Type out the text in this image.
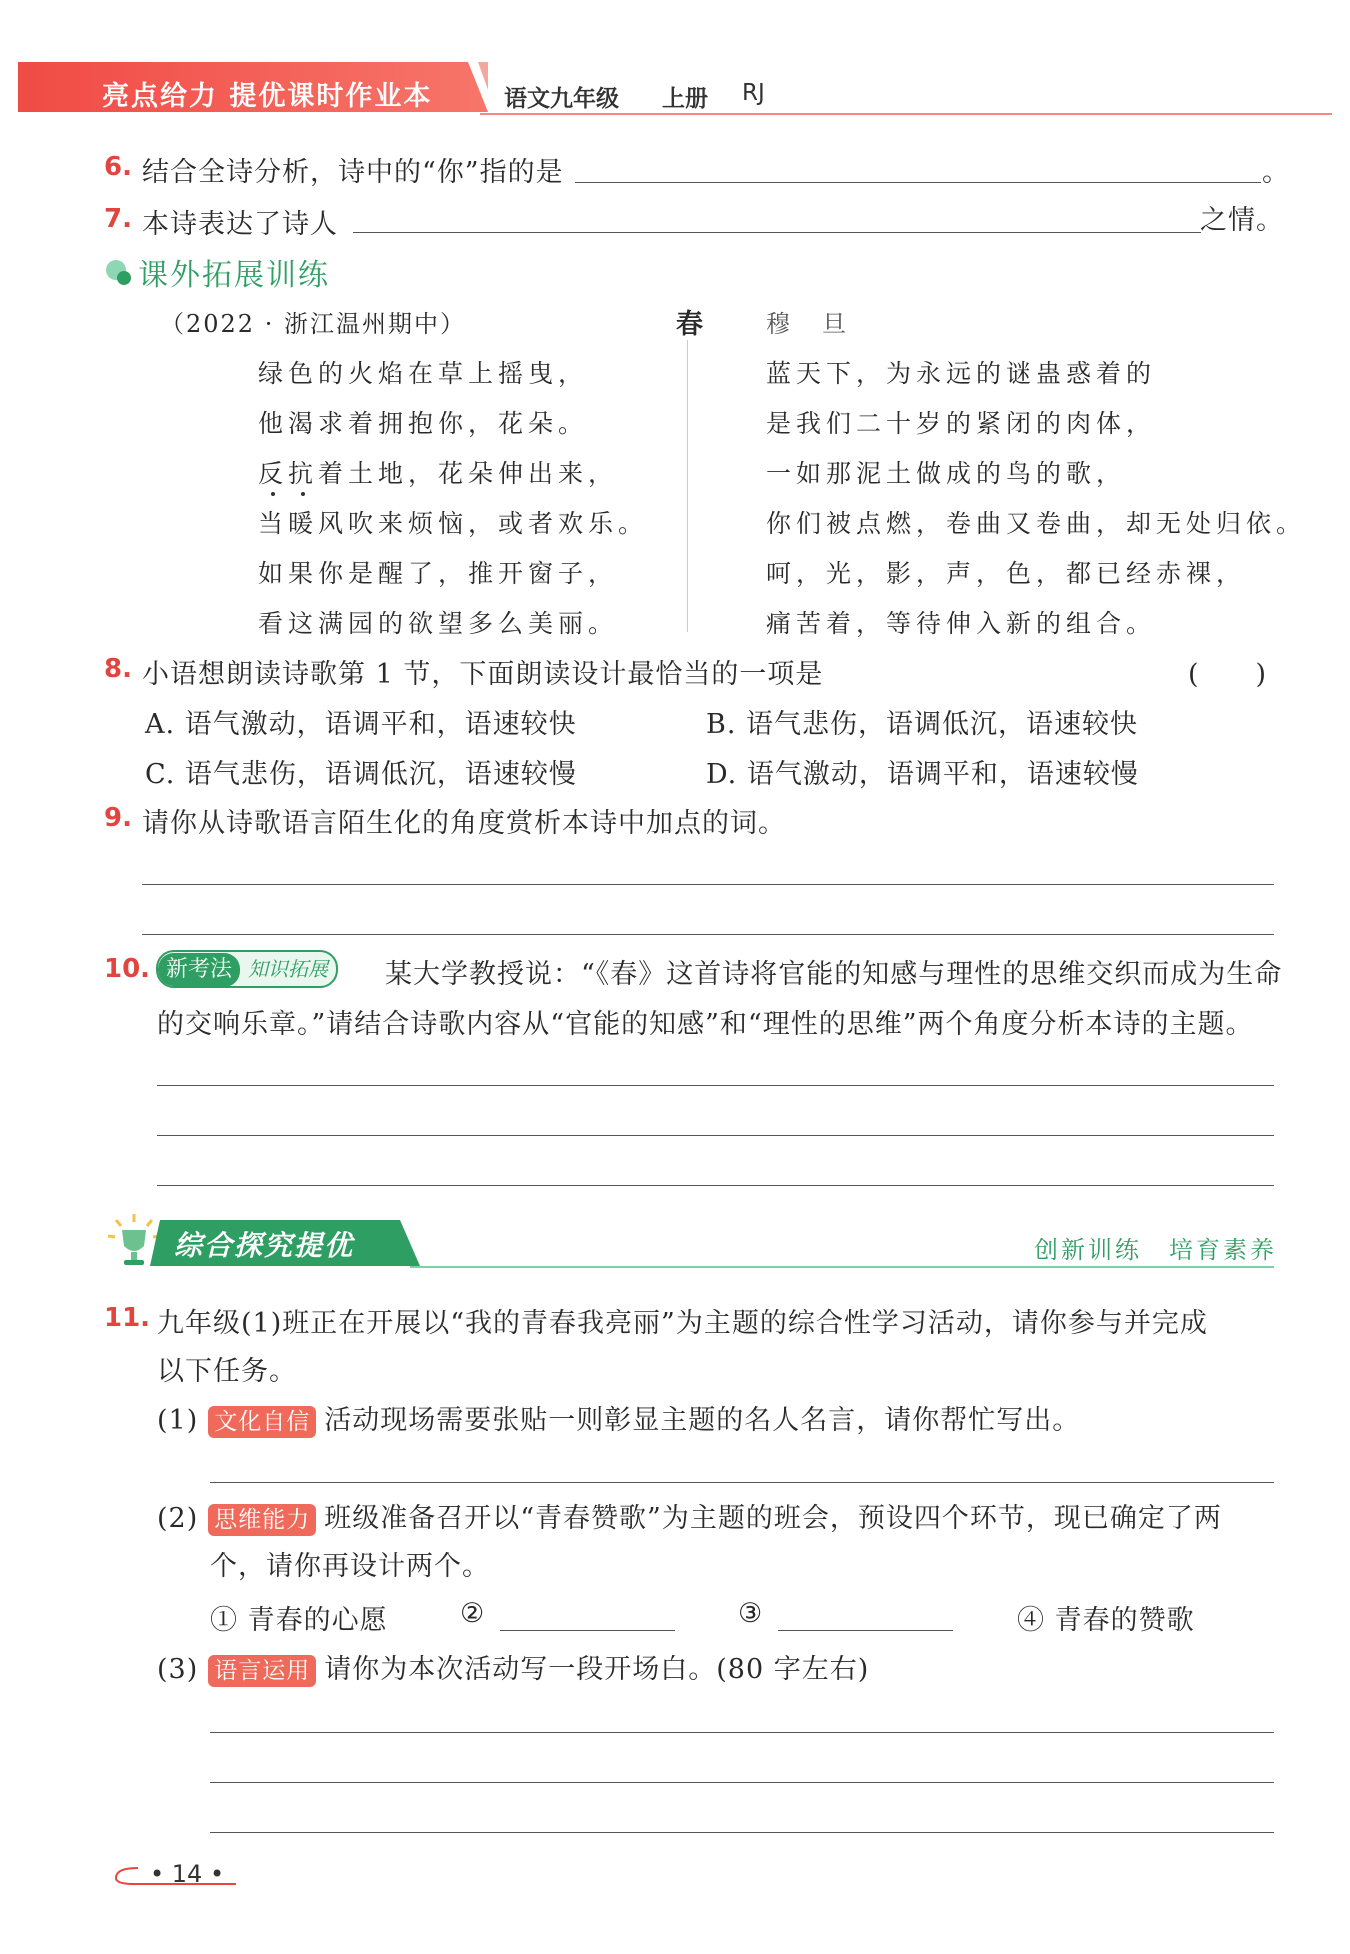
亮点给力 提优课时作业本	语文九年级 上册 RJ
6. 结合全诗分析，诗中的“你”指的是	。
7. 本诗表达了诗人	之情。
课外拓展训练
（2022 · 浙江温州期中）	春	穆　旦
绿色的火焰在草上摇曳，
他渴求着拥抱你，花朵。
反抗着土地，花朵伸出来，
当暖风吹来烦恼，或者欢乐。
如果你是醒了，推开窗子，
看这满园的欲望多么美丽。
蓝天下，为永远的谜蛊惑着的
是我们二十岁的紧闭的肉体，
一如那泥土做成的鸟的歌，
你们被点燃，卷曲又卷曲，却无处归依。
呵，光，影，声，色，都已经赤裸，
痛苦着，等待伸入新的组合。
8. 小语想朗读诗歌第 1 节，下面朗读设计最恰当的一项是	(　　)
A. 语气激动，语调平和，语速较快	B. 语气悲伤，语调低沉，语速较快
C. 语气悲伤，语调低沉，语速较慢	D. 语气激动，语调平和，语速较慢
9. 请你从诗歌语言陌生化的角度赏析本诗中加点的词。
10. 新考法 知识拓展	某大学教授说：“《春》这首诗将官能的知感与理性的思维交织而成为生命
的交响乐章。”请结合诗歌内容从“官能的知感”和“理性的思维”两个角度分析本诗的主题。
综合探究提优	创新训练　培育素养
11. 九年级(1)班正在开展以“我的青春我亮丽”为主题的综合性学习活动，请你参与并完成
以下任务。
(1) 文化自信 活动现场需要张贴一则彰显主题的名人名言，请你帮忙写出。
(2) 思维能力 班级准备召开以“青春赞歌”为主题的班会，预设四个环节，现已确定了两
个，请你再设计两个。
① 青春的心愿	②	③	④ 青春的赞歌
(3) 语言运用 请你为本次活动写一段开场白。(80 字左右)
• 14 •
